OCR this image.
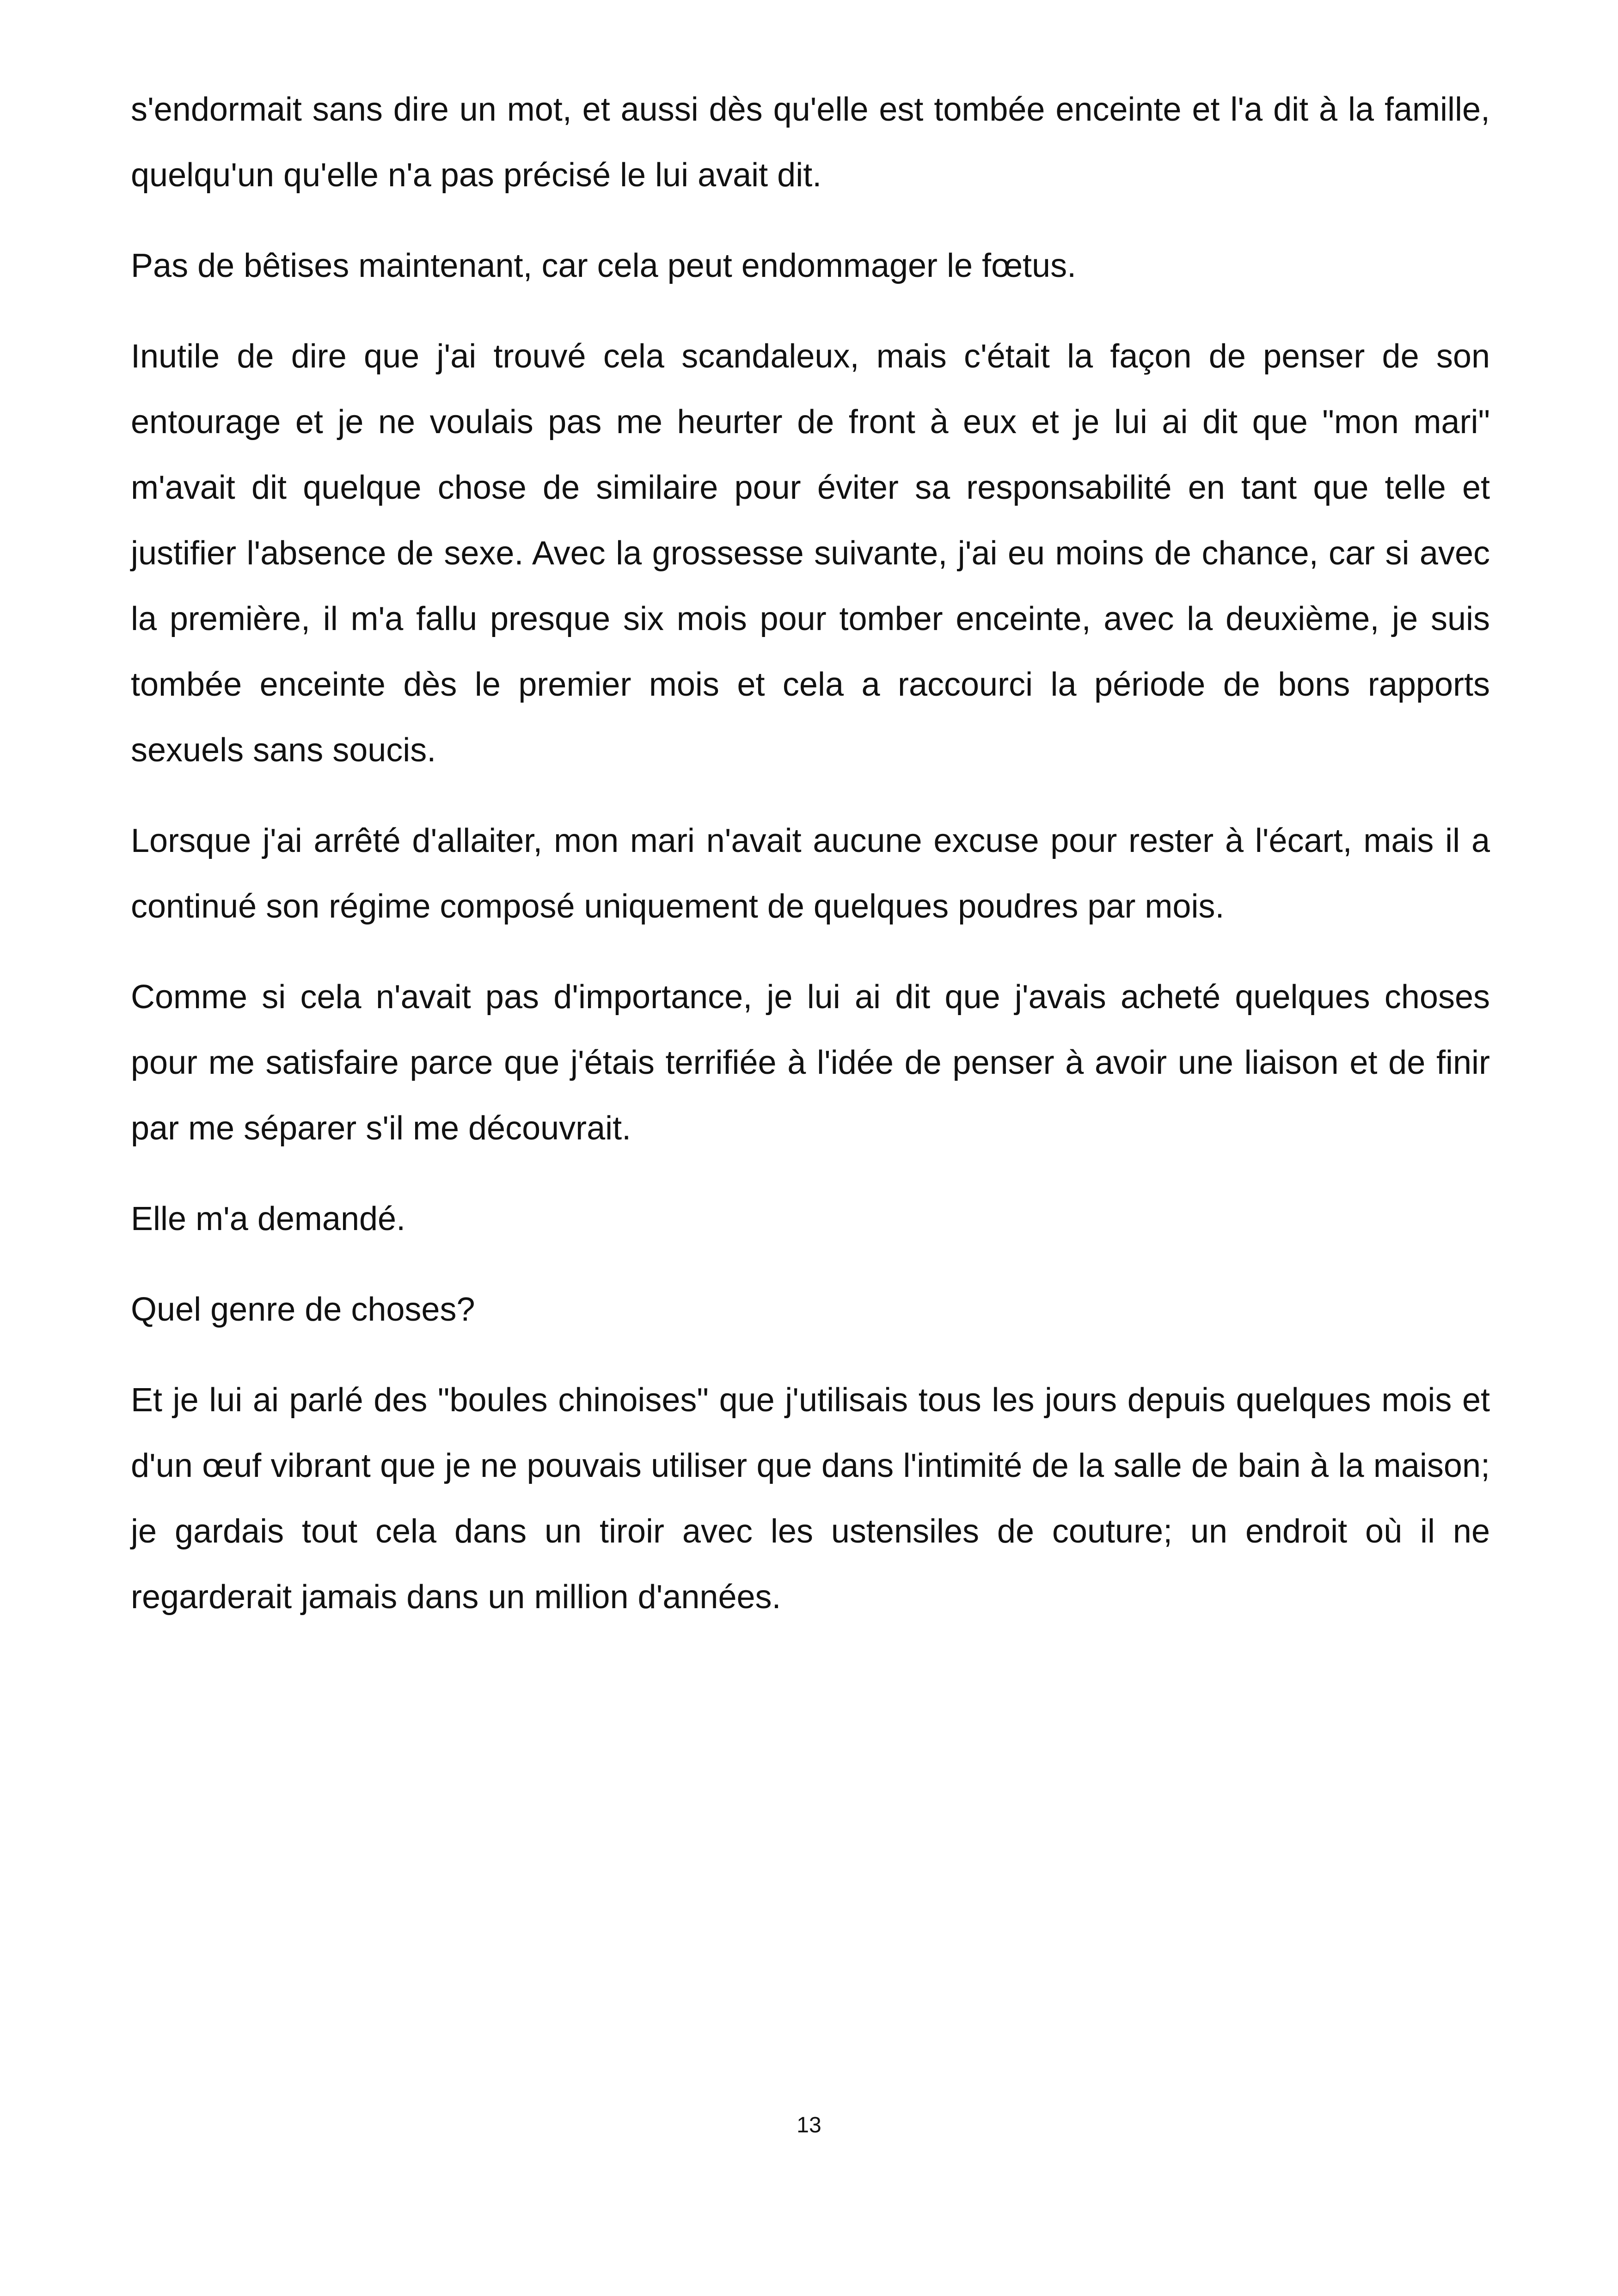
s'endormait sans dire un mot, et aussi dès qu'elle est tombée enceinte et l'a dit à la famille, quelqu'un qu'elle n'a pas précisé le lui avait dit.

Pas de bêtises maintenant, car cela peut endommager le fœtus.

Inutile de dire que j'ai trouvé cela scandaleux, mais c'était la façon de penser de son entourage et je ne voulais pas me heurter de front à eux et je lui ai dit que "mon mari" m'avait dit quelque chose de similaire pour éviter sa responsabilité en tant que telle et justifier l'absence de sexe. Avec la grossesse suivante, j'ai eu moins de chance, car si avec la première, il m'a fallu presque six mois pour tomber enceinte, avec la deuxième, je suis tombée enceinte dès le premier mois et cela a raccourci la période de bons rapports sexuels sans soucis.

Lorsque j'ai arrêté d'allaiter, mon mari n'avait aucune excuse pour rester à l'écart, mais il a continué son régime composé uniquement de quelques poudres par mois.

Comme si cela n'avait pas d'importance, je lui ai dit que j'avais acheté quelques choses pour me satisfaire parce que j'étais terrifiée à l'idée de penser à avoir une liaison et de finir par me séparer s'il me découvrait.

Elle m'a demandé.

Quel genre de choses?

Et je lui ai parlé des "boules chinoises" que j'utilisais tous les jours depuis quelques mois et d'un œuf vibrant que je ne pouvais utiliser que dans l'intimité de la salle de bain à la maison; je gardais tout cela dans un tiroir avec les ustensiles de couture; un endroit où il ne regarderait jamais dans un million d'années.

13
